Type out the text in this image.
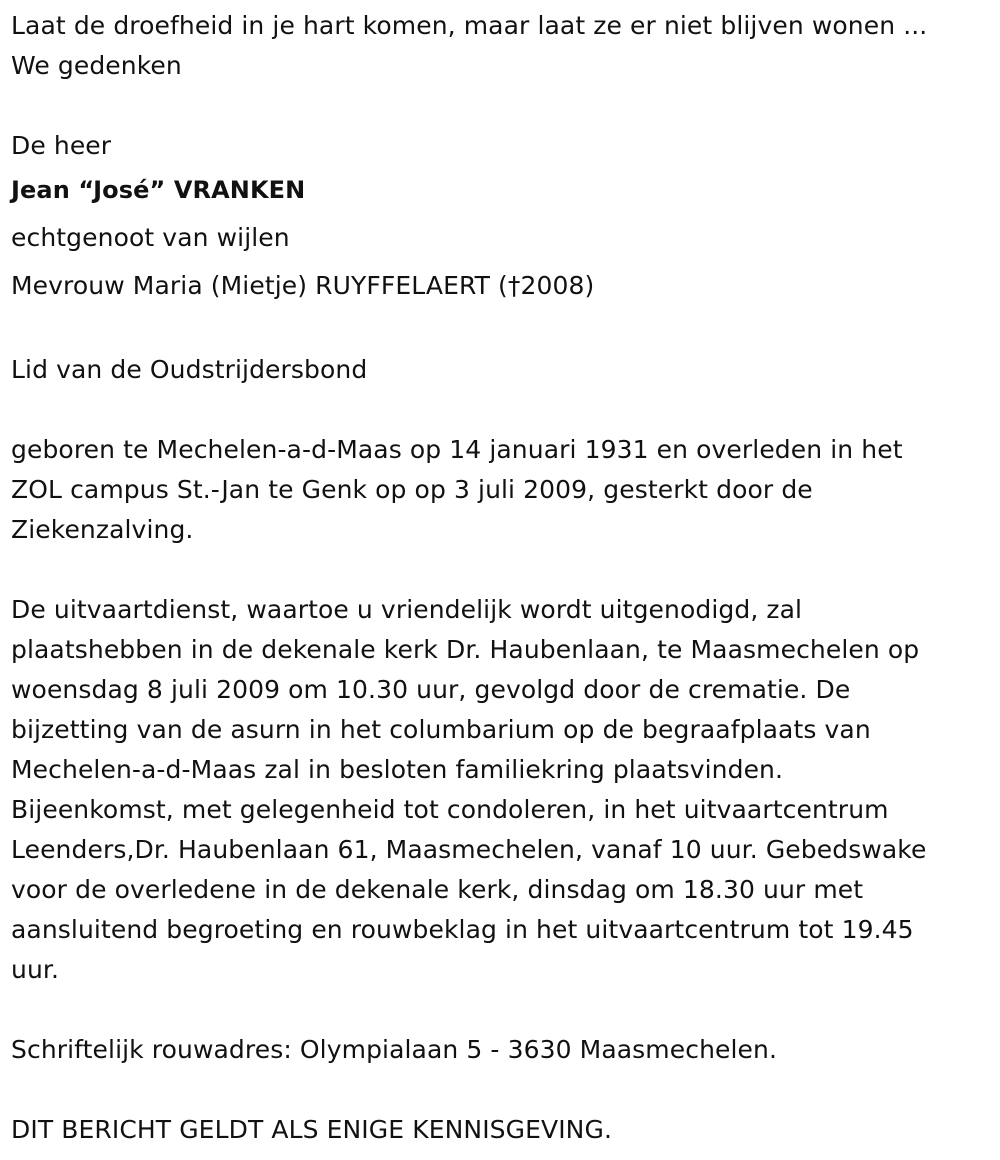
Laat de droefheid in je hart komen, maar laat ze er niet blijven wonen ...
We gedenken
De heer
Jean “José” VRANKEN
echtgenoot van wijlen
Mevrouw Maria (Mietje) RUYFFELAERT (†2008)
Lid van de Oudstrijdersbond
geboren te Mechelen-a-d-Maas op 14 januari 1931 en overleden in het
ZOL campus St.-Jan te Genk op op 3 juli 2009, gesterkt door de
Ziekenzalving.
De uitvaartdienst, waartoe u vriendelijk wordt uitgenodigd, zal
plaatshebben in de dekenale kerk Dr. Haubenlaan, te Maasmechelen op
woensdag 8 juli 2009 om 10.30 uur, gevolgd door de crematie. De
bijzetting van de asurn in het columbarium op de begraafplaats van
Mechelen-a-d-Maas zal in besloten familiekring plaatsvinden.
Bijeenkomst, met gelegenheid tot condoleren, in het uitvaartcentrum
Leenders,Dr. Haubenlaan 61, Maasmechelen, vanaf 10 uur. Gebedswake
voor de overledene in de dekenale kerk, dinsdag om 18.30 uur met
aansluitend begroeting en rouwbeklag in het uitvaartcentrum tot 19.45
uur.
Schriftelijk rouwadres: Olympialaan 5 - 3630 Maasmechelen.
DIT BERICHT GELDT ALS ENIGE KENNISGEVING.
